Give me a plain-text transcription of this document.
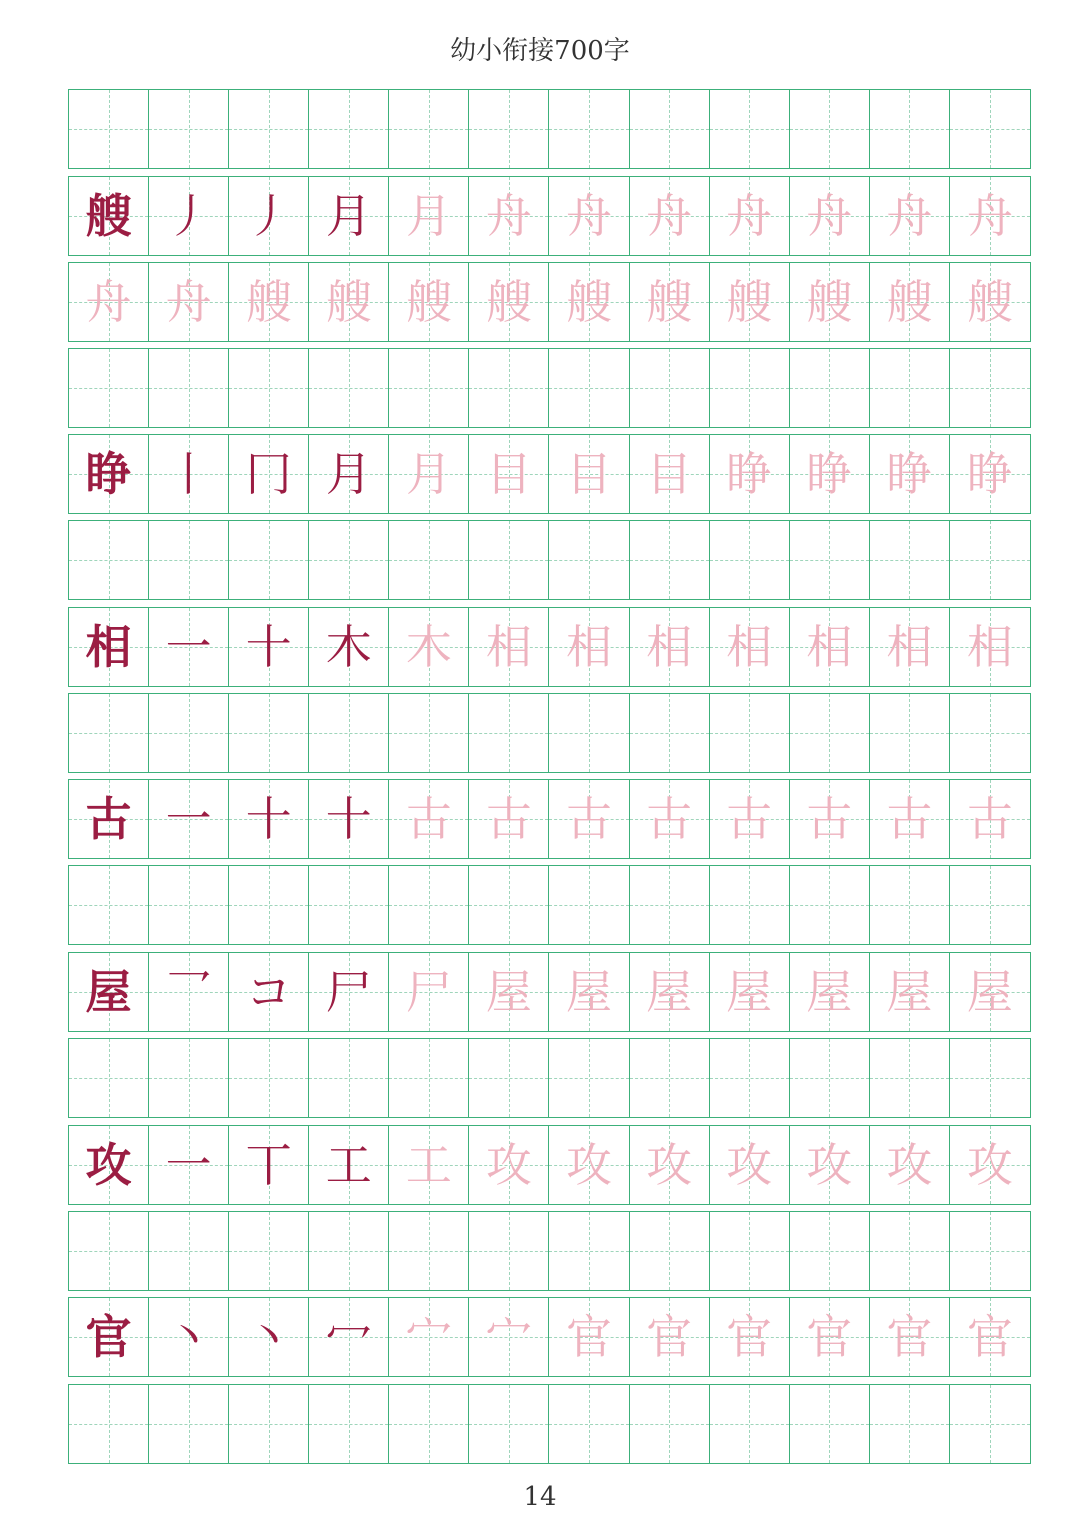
幼小衔接700字
艘 丿 丿 月 月 舟 舟 舟 舟 舟 舟 舟
舟 舟 艘 艘 艘 艘 艘 艘 艘 艘 艘 艘
睁 丨 冂 月 月 目 目 目 睁 睁 睁 睁
相 一 十 木 木 相 相 相 相 相 相 相
古 一 十 十 古 古 古 古 古 古 古 古
屋 乛 コ 尸 尸 屋 屋 屋 屋 屋 屋 屋
攻 一 丅 工 工 攻 攻 攻 攻 攻 攻 攻
官 丶 丶 冖 宀 宀 官 官 官 官 官 官
14
